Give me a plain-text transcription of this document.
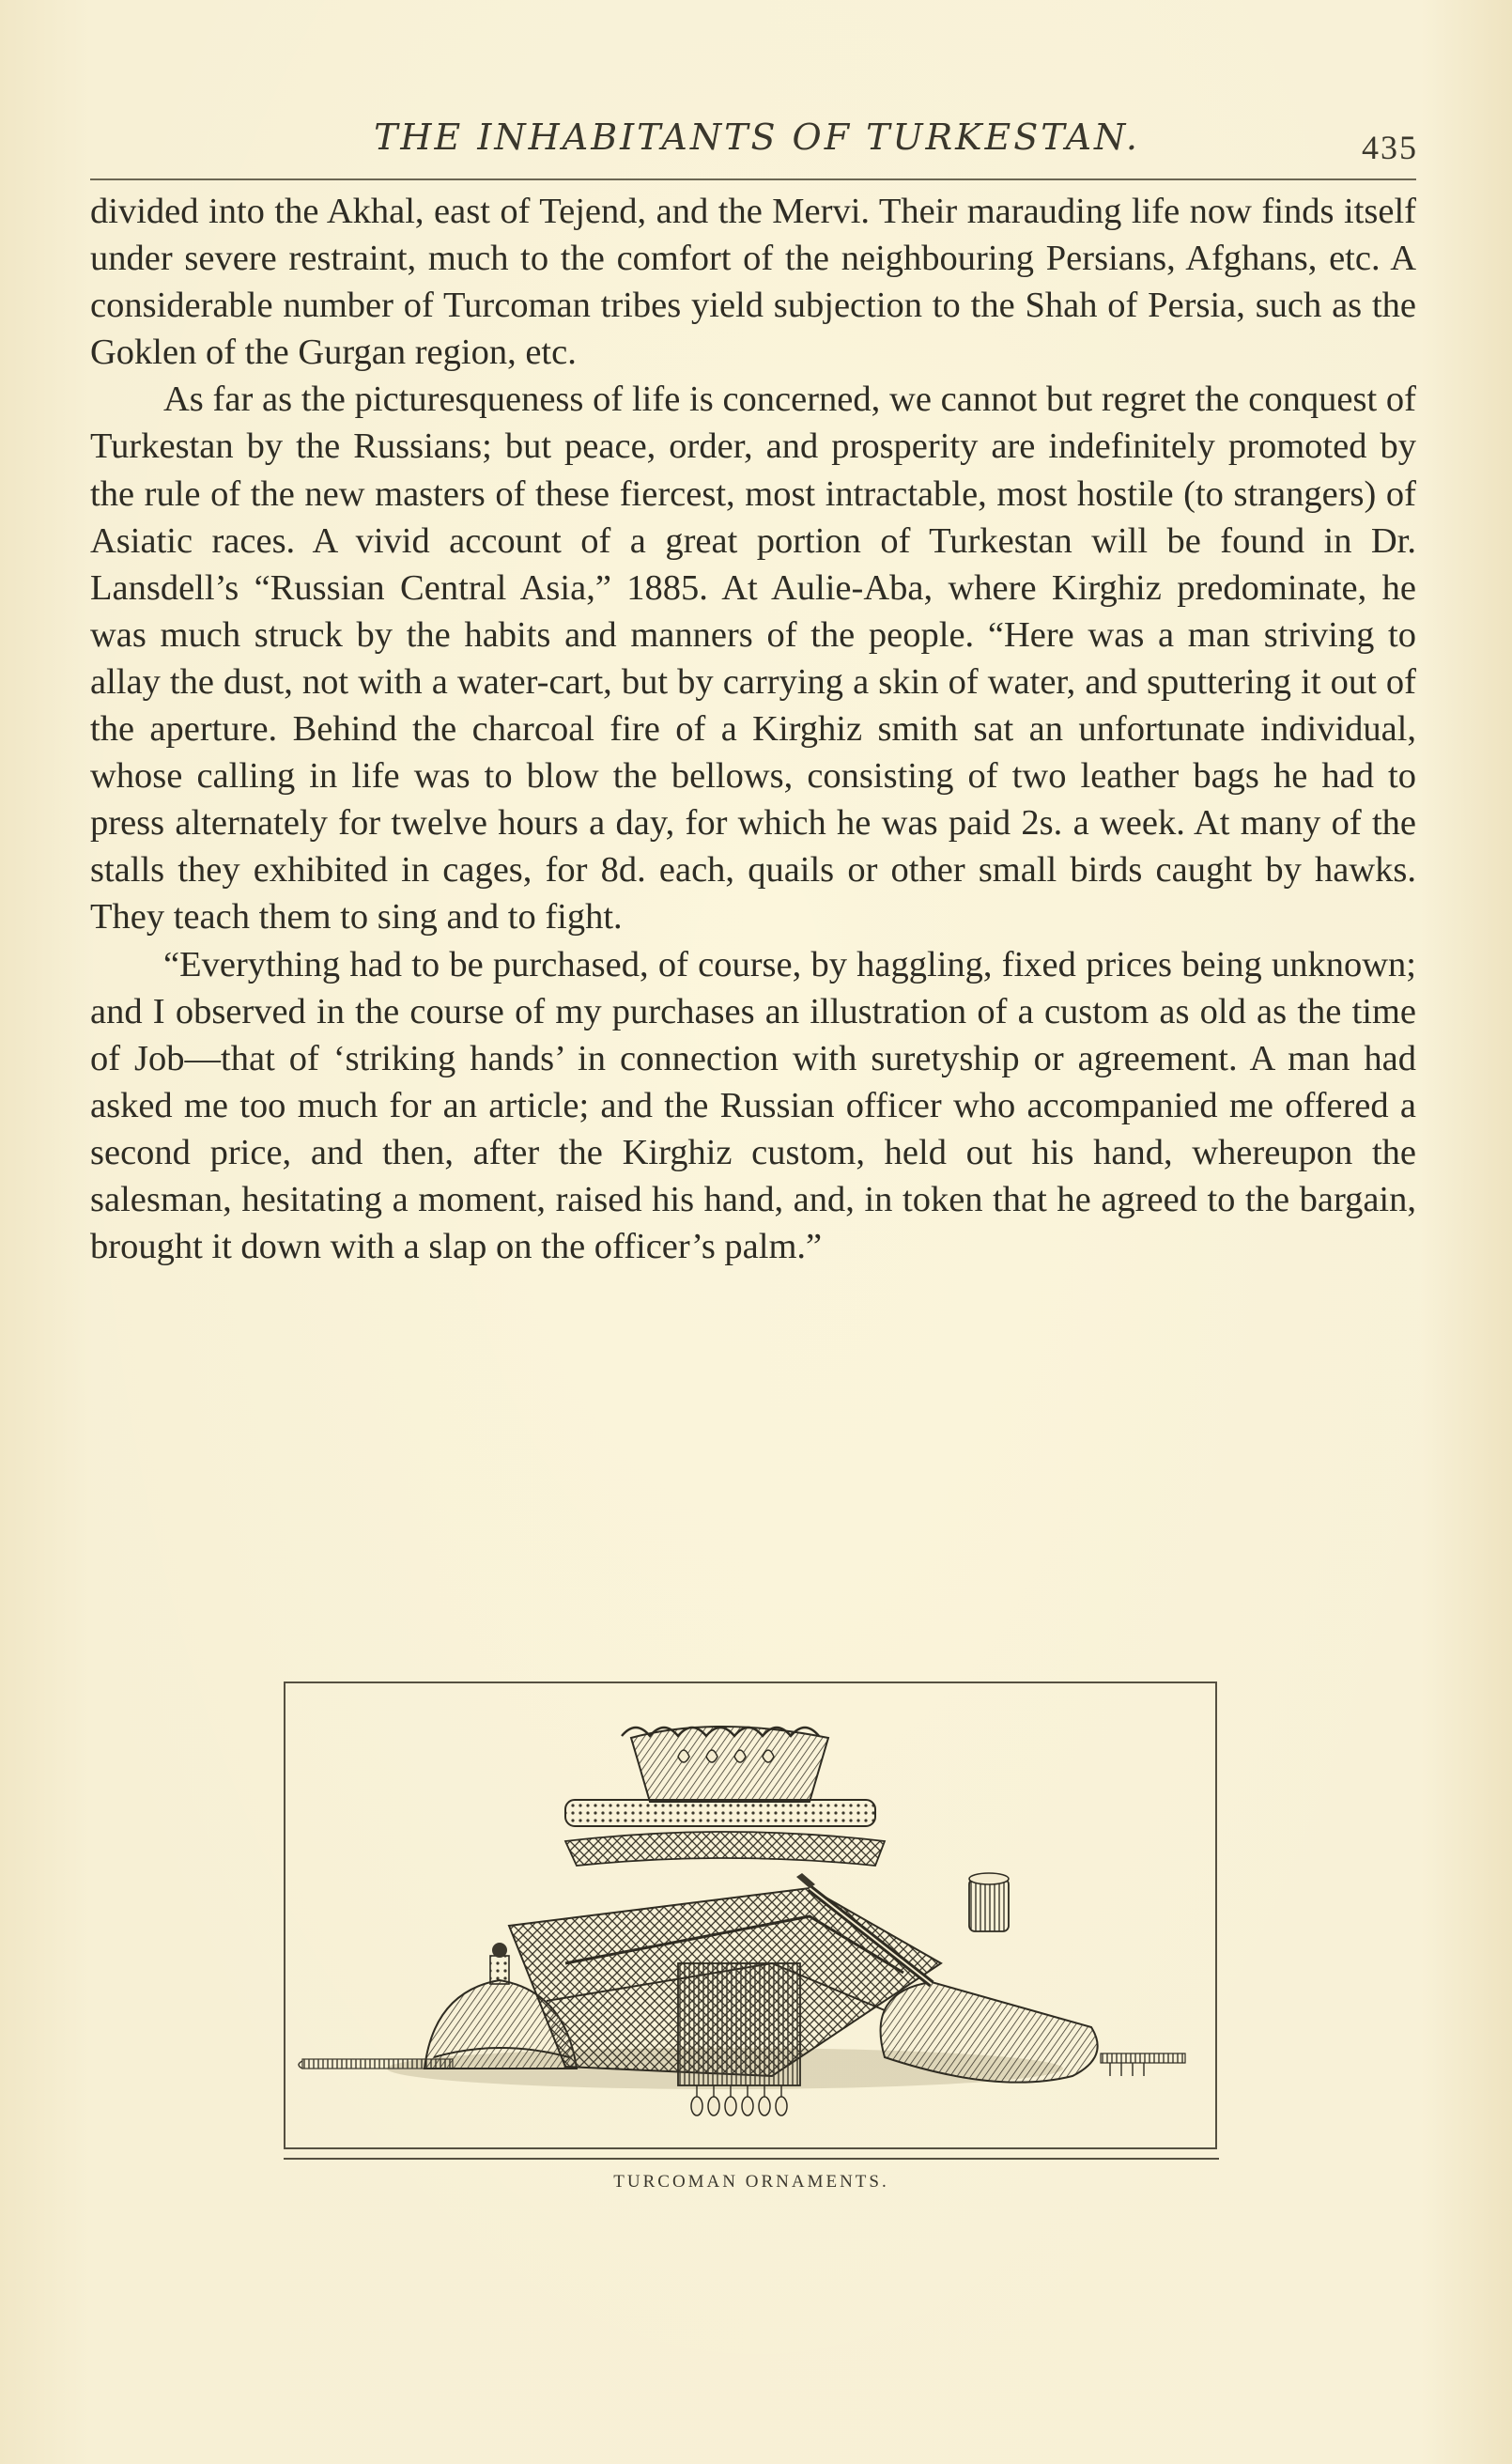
THE INHABITANTS OF TURKESTAN.	435

divided into the Akhal, east of Tejend, and the Mervi. Their marauding life now finds itself under severe restraint, much to the comfort of the neighbouring Persians, Afghans, etc. A considerable number of Turcoman tribes yield subjection to the Shah of Persia, such as the Goklen of the Gurgan region, etc.

As far as the picturesqueness of life is concerned, we cannot but regret the conquest of Turkestan by the Russians; but peace, order, and prosperity are indefinitely promoted by the rule of the new masters of these fiercest, most intractable, most hostile (to strangers) of Asiatic races. A vivid account of a great portion of Turkestan will be found in Dr. Lansdell’s “Russian Central Asia,” 1885. At Aulie-Aba, where Kirghiz predominate, he was much struck by the habits and manners of the people. “Here was a man striving to allay the dust, not with a water-cart, but by carrying a skin of water, and sputtering it out of the aperture. Behind the charcoal fire of a Kirghiz smith sat an unfortunate individual, whose calling in life was to blow the bellows, consisting of two leather bags he had to press alternately for twelve hours a day, for which he was paid 2s. a week. At many of the stalls they exhibited in cages, for 8d. each, quails or other small birds caught by hawks. They teach them to sing and to fight.

“Everything had to be purchased, of course, by haggling, fixed prices being unknown; and I observed in the course of my purchases an illustration of a custom as old as the time of Job—that of ‘striking hands’ in connection with suretyship or agreement. A man had asked me too much for an article; and the Russian officer who accompanied me offered a second price, and then, after the Kirghiz custom, held out his hand, whereupon the salesman, hesitating a moment, raised his hand, and, in token that he agreed to the bargain, brought it down with a slap on the officer’s palm.”

TURCOMAN ORNAMENTS.
